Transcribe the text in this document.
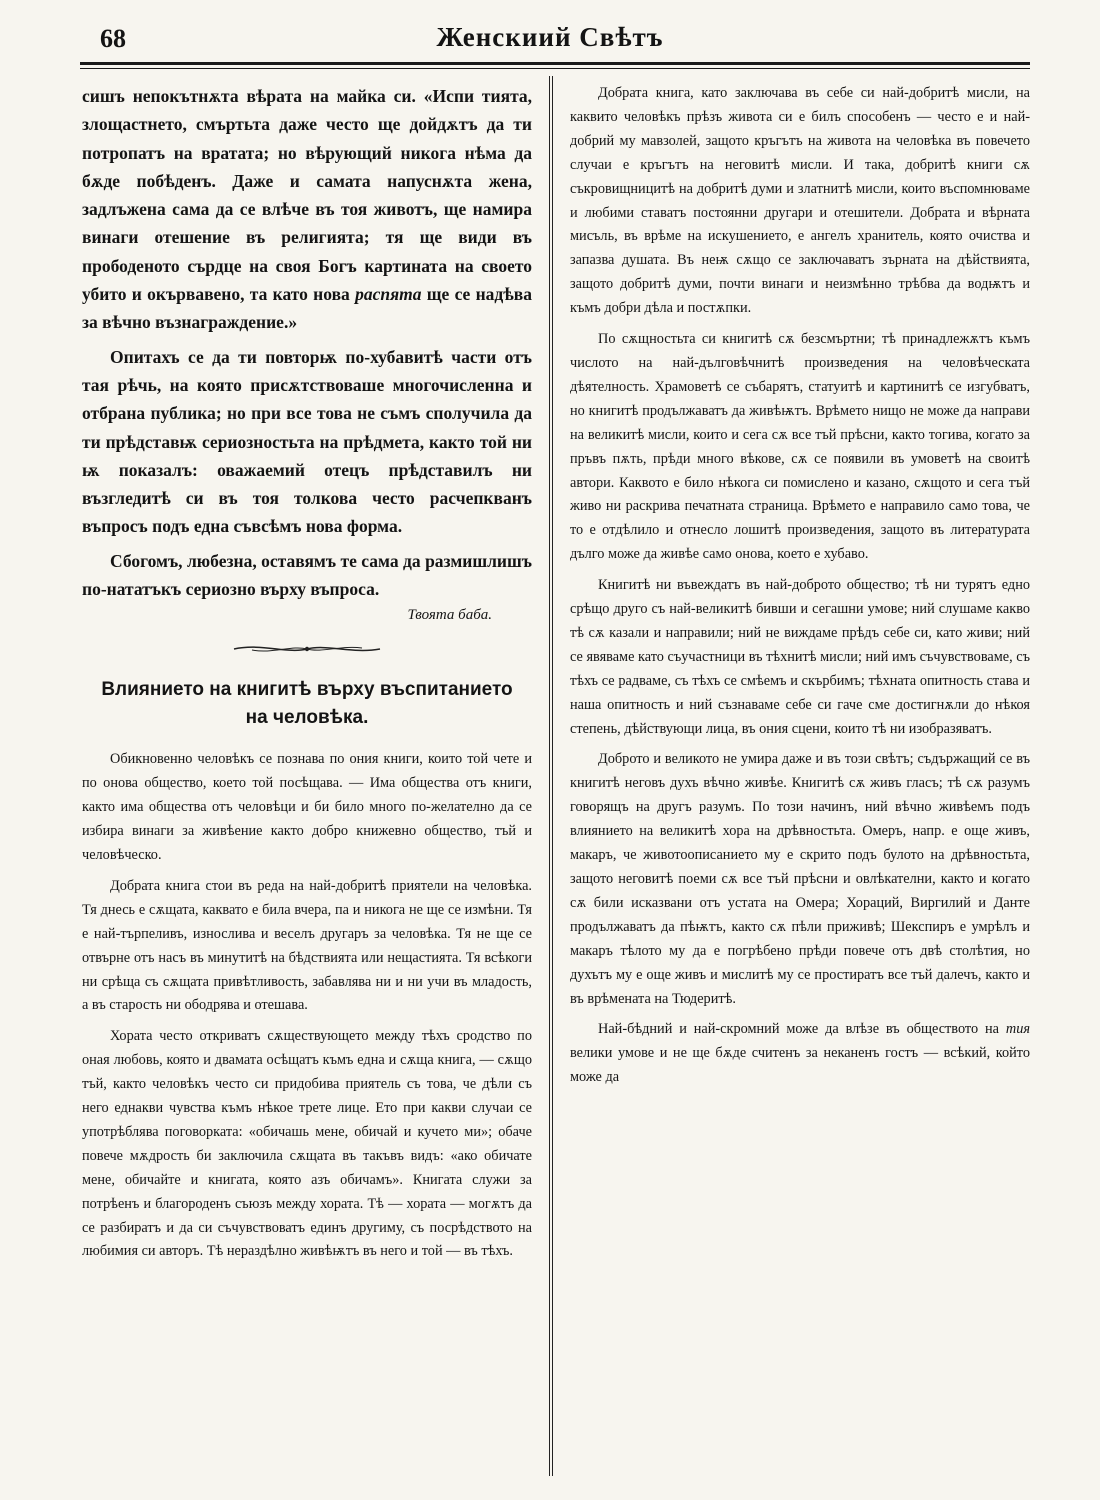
68	Женскиий Свѣтъ

сишъ непокътнѫта вѣрата на майка си. «Испи тията, злощастнето, смъртьта даже често ще дойдѫтъ да ти потропатъ на вратата; но вѣрующий никога нѣма да бѫде побѣденъ. Даже и самата напуснѫта жена, задлъжена сама да се влѣче въ тоя животъ, ще намира винаги отешение въ религията; тя ще види въ прободеното сърдце на своя Богъ картината на своето убито и окървавено, та като нова распята ще се надѣва за вѣчно възнаграждение.»

Опитахъ се да ти повторѭ по-хубавитѣ части отъ тая рѣчь, на която присѫтствоваше многочисленна и отбрана публика; но при все това не съмъ сполучила да ти прѣдставѭ сериозностьта на прѣдмета, както той ни ѭ показалъ: оважаемий отецъ прѣдставилъ ни възгледитѣ си въ тоя толкова често расчепкванъ въпросъ подъ една съвсѣмъ нова форма.

Сбогомъ, любезна, оставямъ те сама да размишлишъ по-нататъкъ сериозно върху въпроса.

Твоята баба.
Влиянието на книгитѣ върху въспитанието на человѣка.

Обикновенно человѣкъ се познава по ония книги, които той чете и по онова общество, което той посѣщава. — Има общества отъ книги, както има общества отъ человѣци и би било много по-желателно да се избира винаги за живѣение както добро книжевно общество, тъй и человѣческо.

Добрата книга стои въ реда на най-добритѣ приятели на человѣка. Тя днесь е сѫщата, каквато е била вчера, па и никога не ще се измѣни. Тя е най-търпеливъ, износлива и веселъ другаръ за человѣка. Тя не ще се отвърне отъ насъ въ минутитѣ на бѣдствията или нещастията. Тя всѣкоги ни срѣща съ сѫщата привѣтливость, забавлява ни и ни учи въ младость, а въ старость ни ободрява и отешава.

Хората често откриватъ сѫществующето между тѣхъ сродство по оная любовь, която и двамата осѣщатъ къмъ една и сѫща книга, — сѫщо тъй, както человѣкъ често си придобива приятель съ това, че дѣли съ него еднакви чувства къмъ нѣкое трете лице. Ето при какви случаи се употрѣблява поговорката: «обичашь мене, обичай и кучето ми»; обаче повече мѫдрость би заключила сѫщата въ такъвъ видъ: «ако обичате мене, обичайте и книгата, която азъ обичамъ». Книгата служи за потрѣенъ и благороденъ съюзъ между хората. Тѣ — хората — могѫтъ да се разбиратъ и да си съчувствоватъ единъ другиму, съ посрѣдството на любимия си авторъ. Тѣ нераздѣлно живѣѭтъ въ него и той — въ тѣхъ.

Добрата книга, като заключава въ себе си най-добритѣ мисли, на каквито человѣкъ прѣзъ живота си е билъ способенъ — често е и най-добрий му мавзолей, защото кръгътъ на живота на человѣка въ повечето случаи е кръгътъ на неговитѣ мисли. И така, добритѣ книги сѫ съкровищницитѣ на добритѣ думи и златнитѣ мисли, които въспомнюваме и любими ставатъ постоянни другари и отешители. Добрата и вѣрната мисъль, въ врѣме на искушението, е ангелъ хранитель, която очиства и запазва душата. Въ неѭ сѫщо се заключаватъ зърната на дѣйствията, защото добритѣ думи, почти винаги и неизмѣнно трѣбва да водѭтъ и къмъ добри дѣла и постѫпки.

По сѫщностьта си книгитѣ сѫ безсмъртни; тѣ принадлежѫтъ къмъ числото на най-дълговѣчнитѣ произведения на человѣческата дѣятелность. Храмоветѣ се събарятъ, статуитѣ и картинитѣ се изгубватъ, но книгитѣ продължаватъ да живѣѭтъ. Врѣмето нищо не може да направи на великитѣ мисли, които и сега сѫ все тъй прѣсни, както тогива, когато за пръвъ пѫть, прѣди много вѣкове, сѫ се появили въ умоветѣ на своитѣ автори. Каквото е било нѣкога си помислено и казано, сѫщото и сега тъй живо ни раскрива печатната страница. Врѣмето е направило само това, че то е отдѣлило и отнесло лошитѣ произведения, защото въ литературата дълго може да живѣе само онова, което е хубаво.

Книгитѣ ни въвеждатъ въ най-доброто общество; тѣ ни турятъ едно срѣщо друго съ най-великитѣ бивши и сегашни умове; ний слушаме какво тѣ сѫ казали и направили; ний не виждаме прѣдъ себе си, като живи; ний се явяваме като съучастници въ тѣхнитѣ мисли; ний имъ съчувствоваме, съ тѣхъ се радваме, съ тѣхъ се смѣемъ и скърбимъ; тѣхната опитность става и наша опитность и ний съзнаваме себе си гаче сме достигнѫли до нѣкоя степень, дѣйствующи лица, въ ония сцени, които тѣ ни изобразяватъ.

Доброто и великото не умира даже и въ този свѣтъ; съдържащий се въ книгитѣ неговъ духъ вѣчно живѣе. Книгитѣ сѫ живъ гласъ; тѣ сѫ разумъ говорящъ на другъ разумъ. По този начинъ, ний вѣчно живѣемъ подъ влиянието на великитѣ хора на дрѣвностьта. Омеръ, напр. е още живъ, макаръ, че животоописанието му е скрито подъ булото на дрѣвностьта, защото неговитѣ поеми сѫ все тъй прѣсни и овлѣкателни, както и когато сѫ били исказвани отъ устата на Омера; Хораций, Виргилий и Данте продължаватъ да пѣѭтъ, както сѫ пѣли приживѣ; Шекспиръ е умрѣлъ и макаръ тѣлото му да е погрѣбено прѣди повече отъ двѣ столѣтия, но духътъ му е още живъ и мислитѣ му се простиратъ все тъй далечъ, както и въ врѣмената на Тюдеритѣ.

Най-бѣдний и най-скромний може да влѣзе въ обществото на тия велики умове и не ще бѫде считенъ за неканенъ гостъ — всѣкий, който може да
